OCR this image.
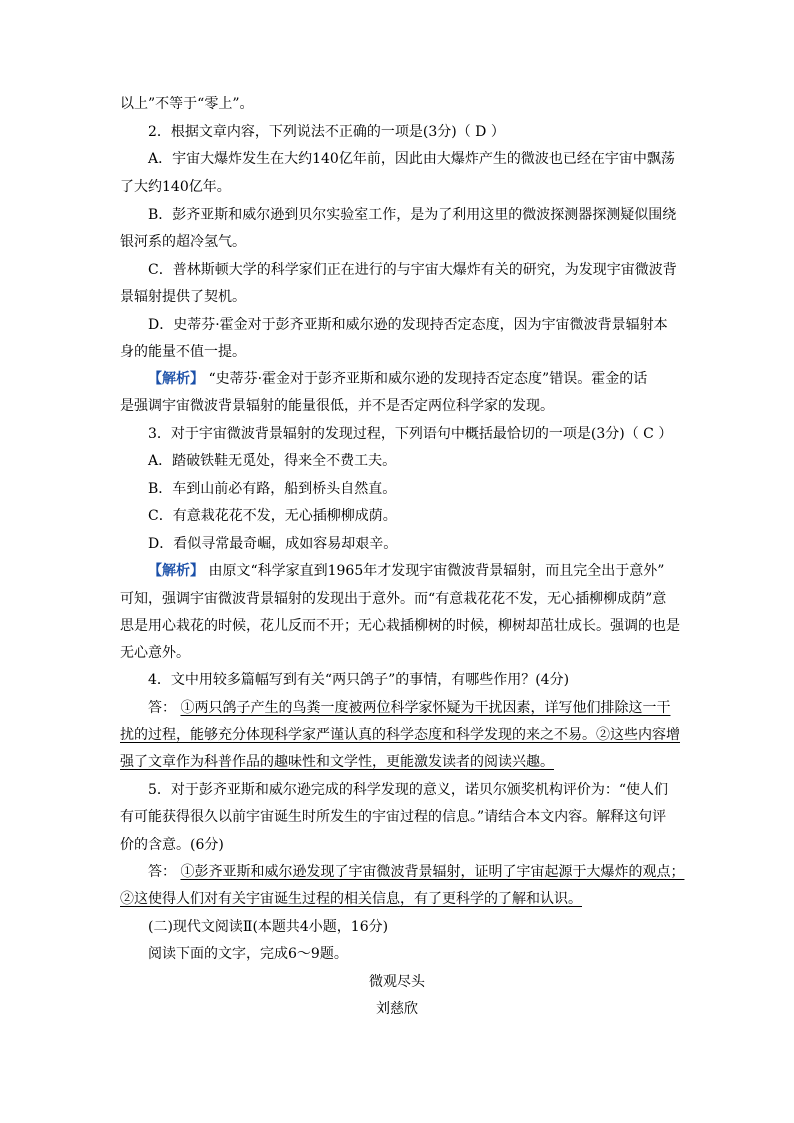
以上”不等于“零上”。
2．根据文章内容，下列说法不正确的一项是(3分)（ D ）
A．宇宙大爆炸发生在大约140亿年前，因此由大爆炸产生的微波也已经在宇宙中飘荡
了大约140亿年。
B．彭齐亚斯和威尔逊到贝尔实验室工作，是为了利用这里的微波探测器探测疑似围绕
银河系的超冷氢气。
C．普林斯顿大学的科学家们正在进行的与宇宙大爆炸有关的研究，为发现宇宙微波背
景辐射提供了契机。
D．史蒂芬·霍金对于彭齐亚斯和威尔逊的发现持否定态度，因为宇宙微波背景辐射本
身的能量不值一提。
【解析】 “史蒂芬·霍金对于彭齐亚斯和威尔逊的发现持否定态度”错误。霍金的话
是强调宇宙微波背景辐射的能量很低，并不是否定两位科学家的发现。
3．对于宇宙微波背景辐射的发现过程，下列语句中概括最恰切的一项是(3分)（ C ）
A．踏破铁鞋无觅处，得来全不费工夫。
B．车到山前必有路，船到桥头自然直。
C．有意栽花花不发，无心插柳柳成荫。
D．看似寻常最奇崛，成如容易却艰辛。
【解析】 由原文“科学家直到1965年才发现宇宙微波背景辐射，而且完全出于意外”
可知，强调宇宙微波背景辐射的发现出于意外。而“有意栽花花不发，无心插柳柳成荫”意
思是用心栽花的时候，花儿反而不开；无心栽插柳树的时候，柳树却茁壮成长。强调的也是
无心意外。
4．文中用较多篇幅写到有关“两只鸽子”的事情，有哪些作用？(4分)
答： ①两只鸽子产生的鸟粪一度被两位科学家怀疑为干扰因素，详写他们排除这一干
扰的过程，能够充分体现科学家严谨认真的科学态度和科学发现的来之不易。②这些内容增
强了文章作为科普作品的趣味性和文学性，更能激发读者的阅读兴趣。
5．对于彭齐亚斯和威尔逊完成的科学发现的意义，诺贝尔颁奖机构评价为：“使人们
有可能获得很久以前宇宙诞生时所发生的宇宙过程的信息。”请结合本文内容。解释这句评
价的含意。(6分)
答： ①彭齐亚斯和威尔逊发现了宇宙微波背景辐射，证明了宇宙起源于大爆炸的观点；
②这使得人们对有关宇宙诞生过程的相关信息，有了更科学的了解和认识。
(二)现代文阅读Ⅱ(本题共4小题，16分)
阅读下面的文字，完成6～9题。
微观尽头
刘慈欣
